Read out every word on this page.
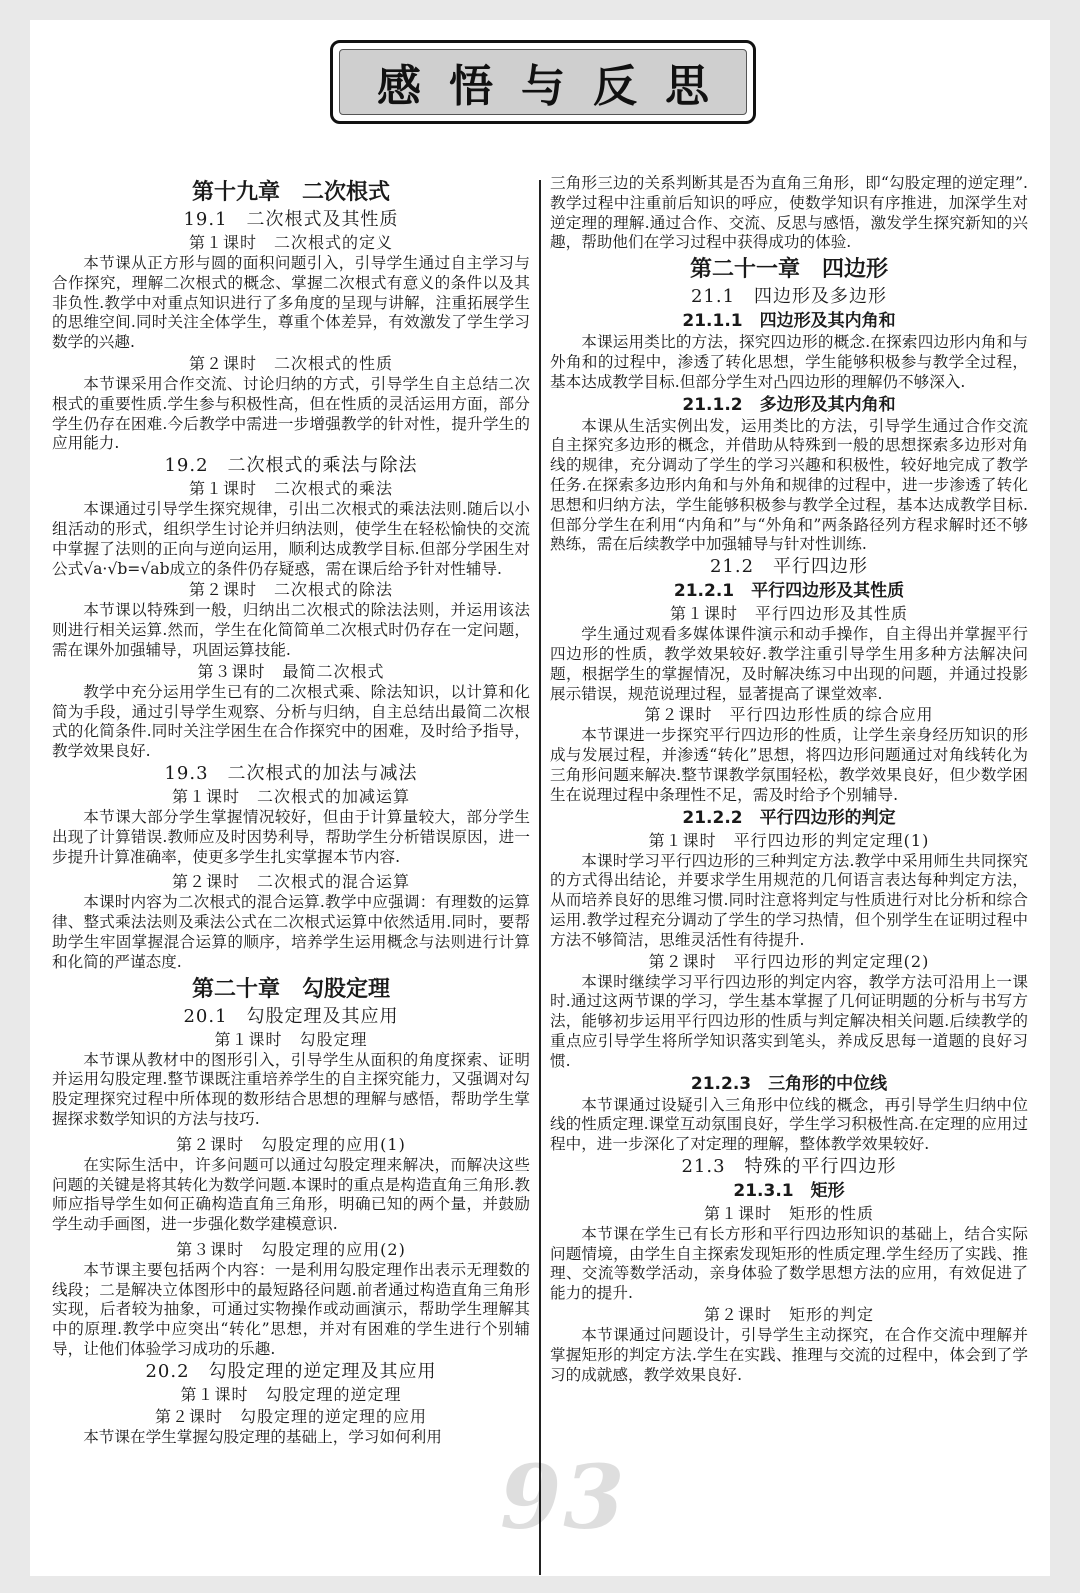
感悟与反思
第十九章　二次根式
19.1　二次根式及其性质
第１课时　二次根式的定义

本节课从正方形与圆的面积问题引入，引导学生通过自主学习与合作探究，理解二次根式的概念、掌握二次根式有意义的条件以及其非负性.教学中对重点知识进行了多角度的呈现与讲解，注重拓展学生的思维空间.同时关注全体学生，尊重个体差异，有效激发了学生学习数学的兴趣.

第２课时　二次根式的性质

本节课采用合作交流、讨论归纳的方式，引导学生自主总结二次根式的重要性质.学生参与积极性高，但在性质的灵活运用方面，部分学生仍存在困难.今后教学中需进一步增强教学的针对性，提升学生的应用能力.

19.2　二次根式的乘法与除法
第１课时　二次根式的乘法

本课通过引导学生探究规律，引出二次根式的乘法法则.随后以小组活动的形式，组织学生讨论并归纳法则，使学生在轻松愉快的交流中掌握了法则的正向与逆向运用，顺利达成教学目标.但部分学困生对公式√a·√b=√ab成立的条件仍存疑惑，需在课后给予针对性辅导.

第２课时　二次根式的除法

本节课以特殊到一般，归纳出二次根式的除法法则，并运用该法则进行相关运算.然而，学生在化简简单二次根式时仍存在一定问题，需在课外加强辅导，巩固运算技能.

第３课时　最简二次根式

教学中充分运用学生已有的二次根式乘、除法知识，以计算和化简为手段，通过引导学生观察、分析与归纳，自主总结出最简二次根式的化简条件.同时关注学困生在合作探究中的困难，及时给予指导，教学效果良好.

19.3　二次根式的加法与减法
第１课时　二次根式的加减运算

本节课大部分学生掌握情况较好，但由于计算量较大，部分学生出现了计算错误.教师应及时因势利导，帮助学生分析错误原因，进一步提升计算准确率，使更多学生扎实掌握本节内容.

第２课时　二次根式的混合运算

本课时内容为二次根式的混合运算.教学中应强调：有理数的运算律、整式乘法法则及乘法公式在二次根式运算中依然适用.同时，要帮助学生牢固掌握混合运算的顺序，培养学生运用概念与法则进行计算和化简的严谨态度.

第二十章　勾股定理
20.1　勾股定理及其应用
第１课时　勾股定理

本节课从教材中的图形引入，引导学生从面积的角度探索、证明并运用勾股定理.整节课既注重培养学生的自主探究能力，又强调对勾股定理探究过程中所体现的数形结合思想的理解与感悟，帮助学生掌握探求数学知识的方法与技巧.

第２课时　勾股定理的应用(1)

在实际生活中，许多问题可以通过勾股定理来解决，而解决这些问题的关键是将其转化为数学问题.本课时的重点是构造直角三角形.教师应指导学生如何正确构造直角三角形，明确已知的两个量，并鼓励学生动手画图，进一步强化数学建模意识.

第３课时　勾股定理的应用(2)

本节课主要包括两个内容：一是利用勾股定理作出表示无理数的线段；二是解决立体图形中的最短路径问题.前者通过构造直角三角形实现，后者较为抽象，可通过实物操作或动画演示，帮助学生理解其中的原理.教学中应突出“转化”思想，并对有困难的学生进行个别辅导，让他们体验学习成功的乐趣.

20.2　勾股定理的逆定理及其应用
第１课时　勾股定理的逆定理
第２课时　勾股定理的逆定理的应用

本节课在学生掌握勾股定理的基础上，学习如何利用

三角形三边的关系判断其是否为直角三角形，即“勾股定理的逆定理”.教学过程中注重前后知识的呼应，使数学知识有序推进，加深学生对逆定理的理解.通过合作、交流、反思与感悟，激发学生探究新知的兴趣，帮助他们在学习过程中获得成功的体验.

第二十一章　四边形
21.1　四边形及多边形
21.1.1　四边形及其内角和

本课运用类比的方法，探究四边形的概念.在探索四边形内角和与外角和的过程中，渗透了转化思想，学生能够积极参与教学全过程，基本达成教学目标.但部分学生对凸四边形的理解仍不够深入.

21.1.2　多边形及其内角和

本课从生活实例出发，运用类比的方法，引导学生通过合作交流自主探究多边形的概念，并借助从特殊到一般的思想探索多边形对角线的规律，充分调动了学生的学习兴趣和积极性，较好地完成了教学任务.在探索多边形内角和与外角和规律的过程中，进一步渗透了转化思想和归纳方法，学生能够积极参与教学全过程，基本达成教学目标.但部分学生在利用“内角和”与“外角和”两条路径列方程求解时还不够熟练，需在后续教学中加强辅导与针对性训练.

21.2　平行四边形
21.2.1　平行四边形及其性质
第１课时　平行四边形及其性质

学生通过观看多媒体课件演示和动手操作，自主得出并掌握平行四边形的性质，教学效果较好.教学注重引导学生用多种方法解决问题，根据学生的掌握情况，及时解决练习中出现的问题，并通过投影展示错误，规范说理过程，显著提高了课堂效率.

第２课时　平行四边形性质的综合应用

本节课进一步探究平行四边形的性质，让学生亲身经历知识的形成与发展过程，并渗透“转化”思想，将四边形问题通过对角线转化为三角形问题来解决.整节课教学氛围轻松，教学效果良好，但少数学困生在说理过程中条理性不足，需及时给予个别辅导.

21.2.2　平行四边形的判定
第１课时　平行四边形的判定定理(1)

本课时学习平行四边形的三种判定方法.教学中采用师生共同探究的方式得出结论，并要求学生用规范的几何语言表达每种判定方法，从而培养良好的思维习惯.同时注意将判定与性质进行对比分析和综合运用.教学过程充分调动了学生的学习热情，但个别学生在证明过程中方法不够简洁，思维灵活性有待提升.

第２课时　平行四边形的判定定理(2)

本课时继续学习平行四边形的判定内容，教学方法可沿用上一课时.通过这两节课的学习，学生基本掌握了几何证明题的分析与书写方法，能够初步运用平行四边形的性质与判定解决相关问题.后续教学的重点应引导学生将所学知识落实到笔头，养成反思每一道题的良好习惯.

21.2.3　三角形的中位线

本节课通过设疑引入三角形中位线的概念，再引导学生归纳中位线的性质定理.课堂互动氛围良好，学生学习积极性高.在定理的应用过程中，进一步深化了对定理的理解，整体教学效果较好.

21.3　特殊的平行四边形
21.3.1　矩形
第１课时　矩形的性质

本节课在学生已有长方形和平行四边形知识的基础上，结合实际问题情境，由学生自主探索发现矩形的性质定理.学生经历了实践、推理、交流等数学活动，亲身体验了数学思想方法的应用，有效促进了能力的提升.

第２课时　矩形的判定

本节课通过问题设计，引导学生主动探究，在合作交流中理解并掌握矩形的判定方法.学生在实践、推理与交流的过程中，体会到了学习的成就感，教学效果良好.

93
